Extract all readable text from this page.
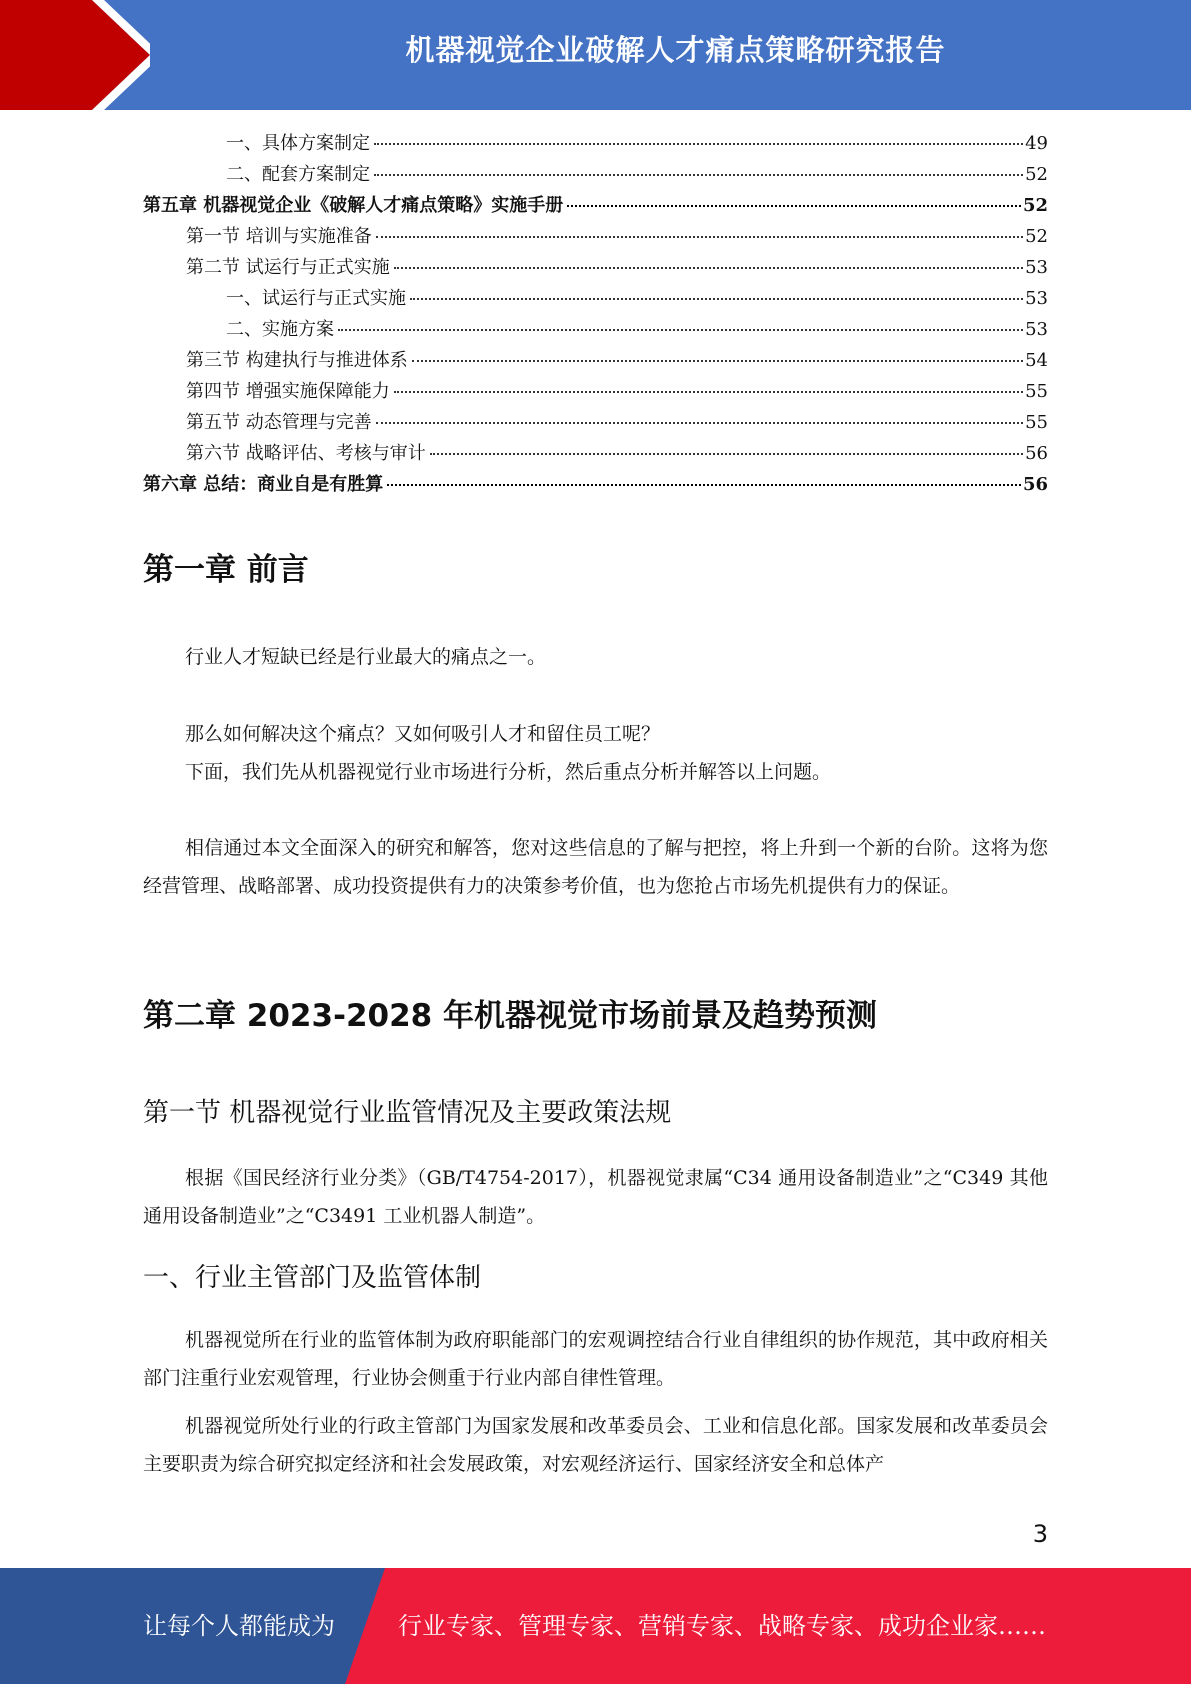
机器视觉企业破解人才痛点策略研究报告
一、具体方案制定	49
二、配套方案制定	52
第五章 机器视觉企业《破解人才痛点策略》实施手册	52
第一节 培训与实施准备	52
第二节 试运行与正式实施	53
一、试运行与正式实施	53
二、实施方案	53
第三节 构建执行与推进体系	54
第四节 增强实施保障能力	55
第五节 动态管理与完善	55
第六节 战略评估、考核与审计	56
第六章 总结：商业自是有胜算	56
第一章 前言
行业人才短缺已经是行业最大的痛点之一。
那么如何解决这个痛点？又如何吸引人才和留住员工呢？
下面，我们先从机器视觉行业市场进行分析，然后重点分析并解答以上问题。
相信通过本文全面深入的研究和解答，您对这些信息的了解与把控，将上升到一个新的台阶。这将为您经营管理、战略部署、成功投资提供有力的决策参考价值，也为您抢占市场先机提供有力的保证。
第二章 2023-2028 年机器视觉市场前景及趋势预测
第一节 机器视觉行业监管情况及主要政策法规
根据《国民经济行业分类》（GB/T4754-2017），机器视觉隶属“C34 通用设备制造业”之“C349 其他通用设备制造业”之“C3491 工业机器人制造”。
一、行业主管部门及监管体制
机器视觉所在行业的监管体制为政府职能部门的宏观调控结合行业自律组织的协作规范，其中政府相关部门注重行业宏观管理，行业协会侧重于行业内部自律性管理。
机器视觉所处行业的行政主管部门为国家发展和改革委员会、工业和信息化部。国家发展和改革委员会主要职责为综合研究拟定经济和社会发展政策，对宏观经济运行、国家经济安全和总体产
3
让每个人都能成为	行业专家、管理专家、营销专家、战略专家、成功企业家……
